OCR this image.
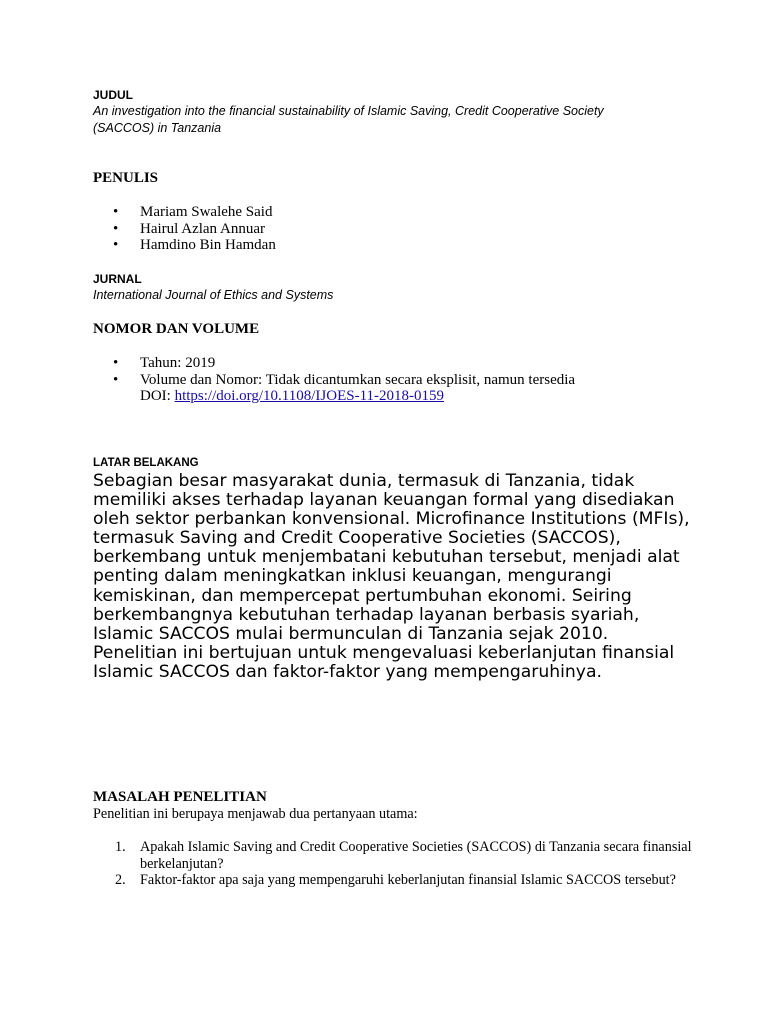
JUDUL
An investigation into the financial sustainability of Islamic Saving, Credit Cooperative Society (SACCOS) in Tanzania
PENULIS
• Mariam Swalehe Said
• Hairul Azlan Annuar
• Hamdino Bin Hamdan
JURNAL
International Journal of Ethics and Systems
NOMOR DAN VOLUME
• Tahun: 2019
• Volume dan Nomor: Tidak dicantumkan secara eksplisit, namun tersedia
DOI: https://doi.org/10.1108/IJOES-11-2018-0159
LATAR BELAKANG
Sebagian besar masyarakat dunia, termasuk di Tanzania, tidak memiliki akses terhadap layanan keuangan formal yang disediakan oleh sektor perbankan konvensional. Microfinance Institutions (MFIs), termasuk Saving and Credit Cooperative Societies (SACCOS), berkembang untuk menjembatani kebutuhan tersebut, menjadi alat penting dalam meningkatkan inklusi keuangan, mengurangi kemiskinan, dan mempercepat pertumbuhan ekonomi. Seiring berkembangnya kebutuhan terhadap layanan berbasis syariah, Islamic SACCOS mulai bermunculan di Tanzania sejak 2010. Penelitian ini bertujuan untuk mengevaluasi keberlanjutan finansial Islamic SACCOS dan faktor-faktor yang mempengaruhinya.
MASALAH PENELITIAN
Penelitian ini berupaya menjawab dua pertanyaan utama:
1. Apakah Islamic Saving and Credit Cooperative Societies (SACCOS) di Tanzania secara finansial berkelanjutan?
2. Faktor-faktor apa saja yang mempengaruhi keberlanjutan finansial Islamic SACCOS tersebut?
